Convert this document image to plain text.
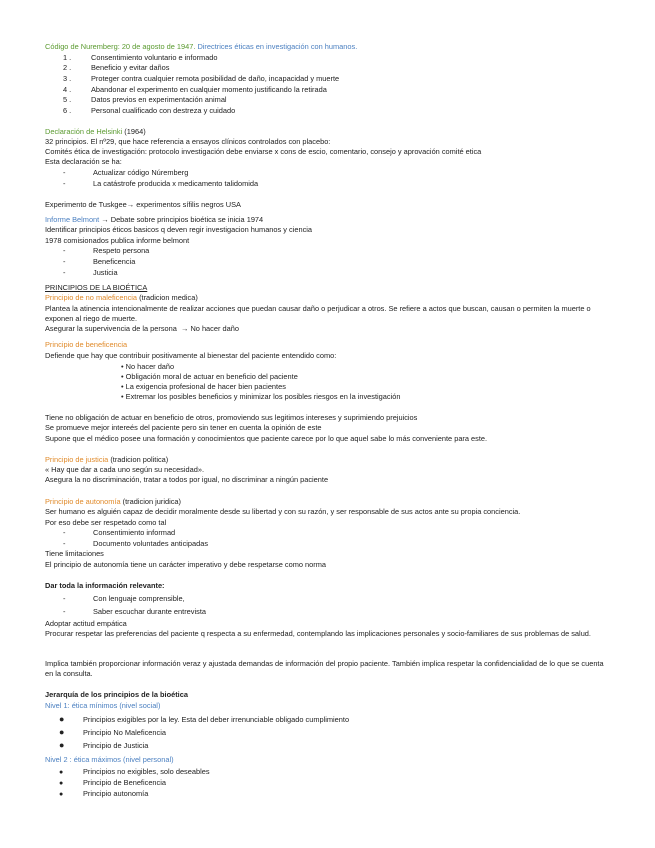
Código de Nuremberg: 20 de agosto de 1947. Directrices éticas en investigación con humanos.
1 .	Consentimiento voluntario e informado
2 .	Beneficio y evitar daños
3 .	Proteger contra cualquier remota posibilidad de daño, incapacidad y muerte
4 .	Abandonar el experimento en cualquier momento justificando la retirada
5 .	Datos previos en experimentación animal
6 .	Personal cualificado con destreza y cuidado
Declaración de Helsinki (1964)
32 principios. El nº29, que hace referencia a ensayos clínicos controlados con placebo:
Comités ética de investigación: protocolo investigación debe enviarse x cons de escio, comentario, consejo y aprovación comité etica
Esta declaración se ha:
-	Actualizar código Núremberg
-	La catástrofe producida x medicamento talidomida
Experimento de Tuskgee→ experimentos sífilis negros USA
Informe Belmont → Debate sobre principios bioética se inicia 1974
Identificar principios éticos basicos q deven regir investigacion humanos y ciencia
1978 comisionados publica informe belmont
-	Respeto persona
-	Beneficencia
-	Justicia
PRINCIPIOS DE LA BIOÉTICA
Principio de no maleficencia (tradicion medica)
Plantea la atinencia intencionalmente de realizar acciones que puedan causar daño o perjudicar a otros. Se refiere a actos que buscan, causan o permiten la muerte o exponen al riego de muerte.
Asegurar la supervivencia de la persona → No hacer daño
Principio de beneficencia
Defiende que hay que contribuir positivamente al bienestar del paciente entendido como:
• No hacer daño
• Obligación moral de actuar en beneficio del paciente
• La exigencia profesional de hacer bien pacientes
• Extremar los posibles beneficios y minimizar los posibles riesgos en la investigación
Tiene no obligación de actuar en beneficio de otros, promoviendo sus legitimos intereses y suprimiendo prejuicios
Se promueve mejor intereés del paciente pero sin tener en cuenta la opinión de este
Supone que el médico posee una formación y conocimientos que paciente carece por lo que aquel sabe lo más conveniente para este.
Principio de justicia (tradicion politica)
« Hay que dar a cada uno según su necesidad».
Asegura la no discriminación, tratar a todos por igual, no discriminar a ningún paciente
Principio de autonomía (tradicion juridica)
Ser humano es alguién capaz de decidir moralmente desde su libertad y con su razón, y ser responsable de sus actos ante su propia conciencia.
Por eso debe ser respetado como tal
-	Consentimiento informad
-	Documento voluntades anticipadas
Tiene limitaciones
El principio de autonomía tiene un carácter imperativo y debe respetarse como norma
Dar toda la información relevante:
-	Con lenguaje comprensible,
-	Saber escuchar durante entrevista
Adoptar actitud empática
Procurar respetar las preferencias del paciente q respecta a su enfermedad, contemplando las implicaciones personales y socio-familiares de sus problemas de salud.
Implica también proporcionar información veraz y ajustada demandas de información del propio paciente. También implica respetar la confidencialidad de lo que se cuenta en la consulta.
Jerarquía de los principios de la bioética
Nivel 1: ética mínimos (nivel social)
●	Principios exigibles por la ley. Esta del deber irrenunciable obligado cumplimiento
●	Principio No Maleficencia
●	Principio de Justicia
Nivel 2 : ética máximos (nivel personal)
●	Principios no exigibles, solo deseables
●	Principio de Beneficencia
●	Principio autonomía
